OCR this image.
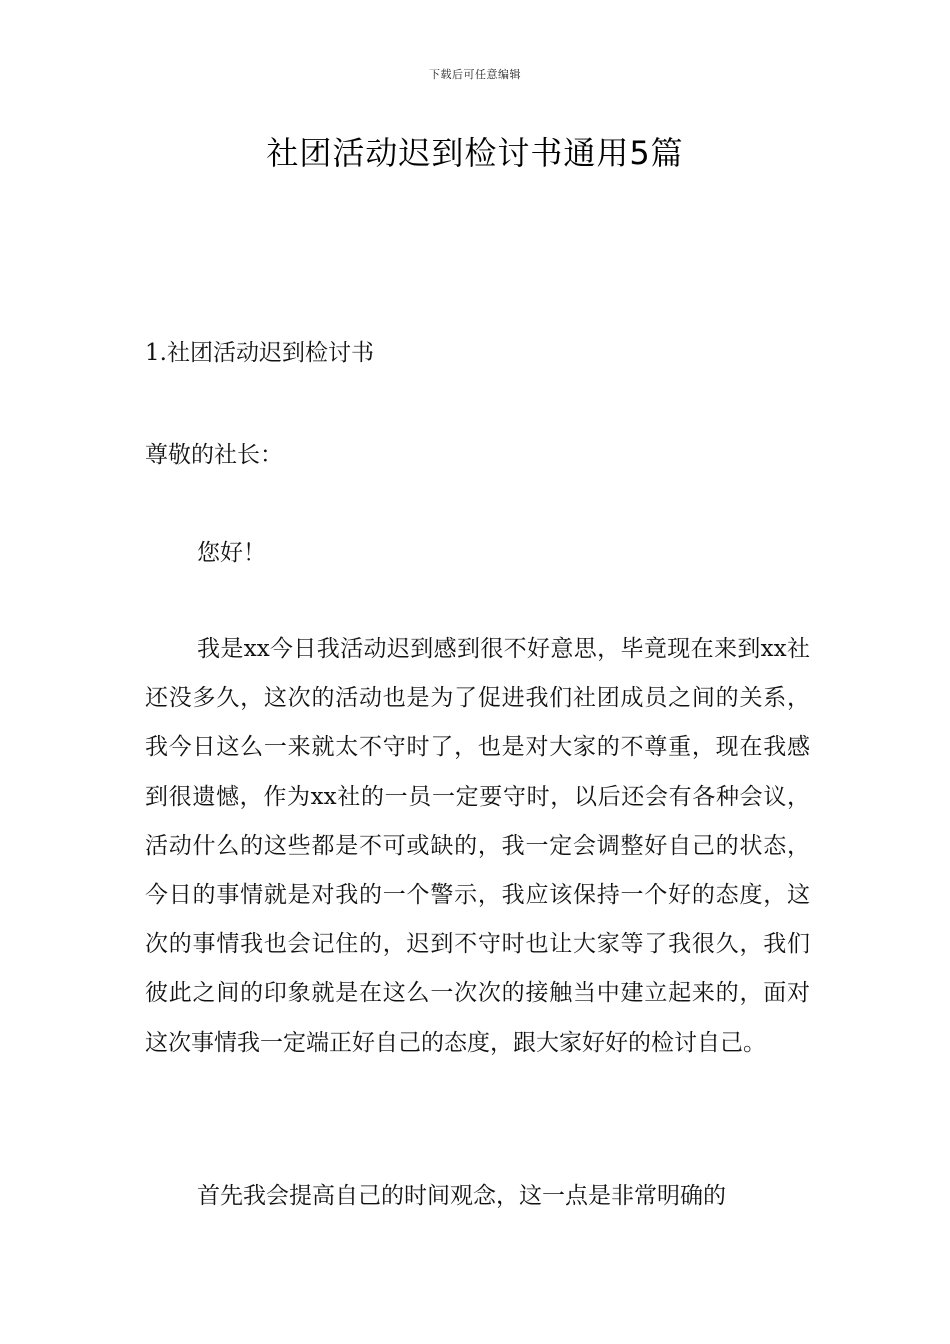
下载后可任意编辑
社团活动迟到检讨书通用5篇
1.社团活动迟到检讨书

尊敬的社长：

您好！

我是xx今日我活动迟到感到很不好意思，毕竟现在来到xx社还没多久，这次的活动也是为了促进我们社团成员之间的关系，我今日这么一来就太不守时了，也是对大家的不尊重，现在我感到很遗憾，作为xx社的一员一定要守时，以后还会有各种会议，活动什么的这些都是不可或缺的，我一定会调整好自己的状态，今日的事情就是对我的一个警示，我应该保持一个好的态度，这次的事情我也会记住的，迟到不守时也让大家等了我很久，我们彼此之间的印象就是在这么一次次的接触当中建立起来的，面对这次事情我一定端正好自己的态度，跟大家好好的检讨自己。

首先我会提高自己的时间观念，这一点是非常明确的
